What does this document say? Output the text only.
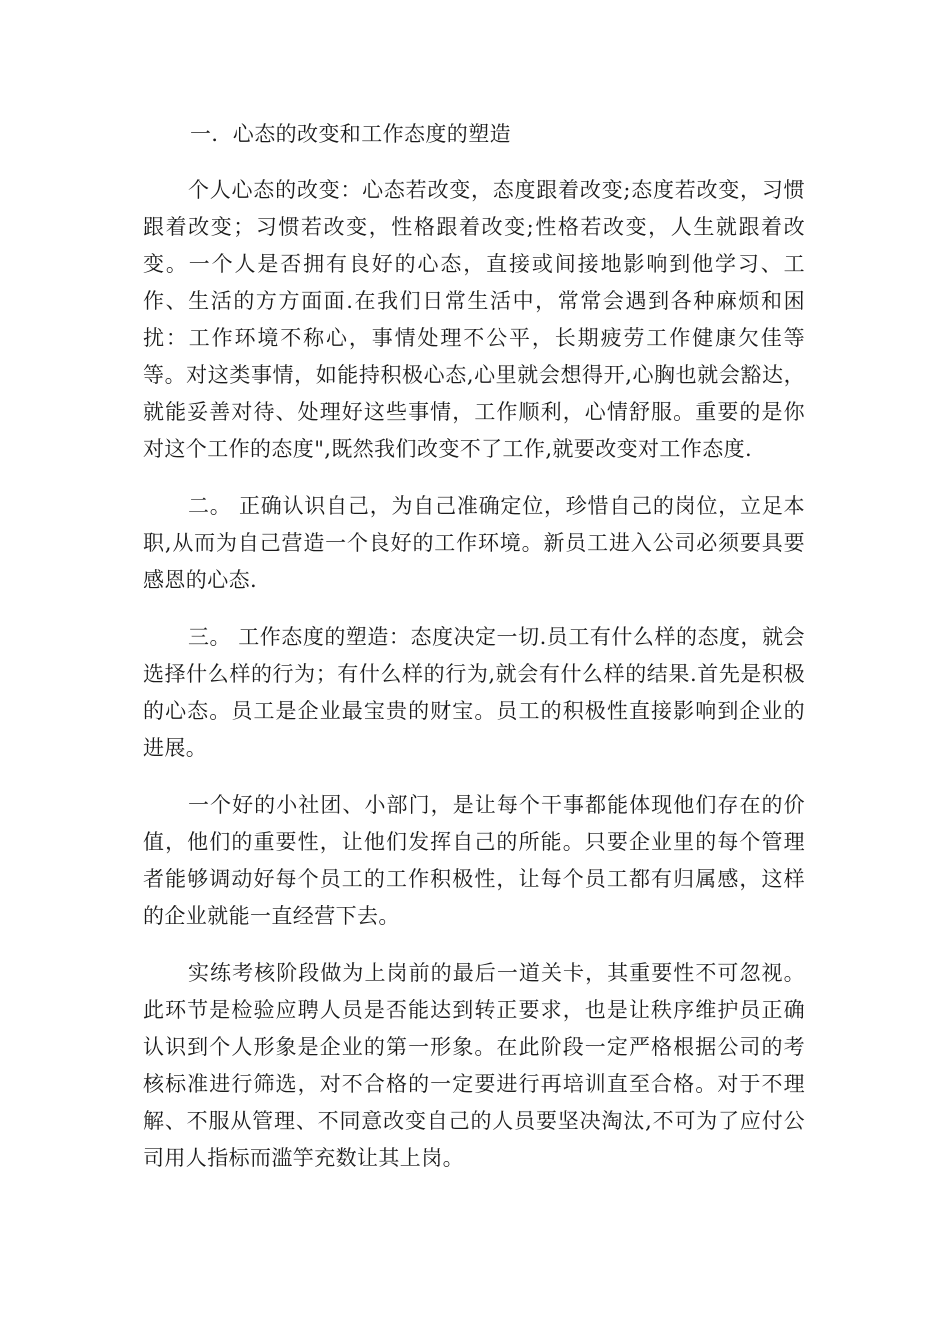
一．心态的改变和工作态度的塑造

个人心态的改变：心态若改变，态度跟着改变;态度若改变，习惯跟着改变；习惯若改变，性格跟着改变;性格若改变，人生就跟着改变。一个人是否拥有良好的心态，直接或间接地影响到他学习、工作、生活的方方面面.在我们日常生活中，常常会遇到各种麻烦和困扰：工作环境不称心，事情处理不公平，长期疲劳工作健康欠佳等等。对这类事情，如能持积极心态,心里就会想得开,心胸也就会豁达，就能妥善对待、处理好这些事情，工作顺利，心情舒服。重要的是你对这个工作的态度",既然我们改变不了工作,就要改变对工作态度.

二。 正确认识自己，为自己准确定位，珍惜自己的岗位，立足本职,从而为自己营造一个良好的工作环境。新员工进入公司必须要具要感恩的心态.

三。 工作态度的塑造：态度决定一切.员工有什么样的态度，就会选择什么样的行为；有什么样的行为,就会有什么样的结果.首先是积极的心态。员工是企业最宝贵的财宝。员工的积极性直接影响到企业的进展。

一个好的小社团、小部门，是让每个干事都能体现他们存在的价值，他们的重要性，让他们发挥自己的所能。只要企业里的每个管理者能够调动好每个员工的工作积极性，让每个员工都有归属感，这样的企业就能一直经营下去。

实练考核阶段做为上岗前的最后一道关卡，其重要性不可忽视。此环节是检验应聘人员是否能达到转正要求，也是让秩序维护员正确认识到个人形象是企业的第一形象。在此阶段一定严格根据公司的考核标准进行筛选，对不合格的一定要进行再培训直至合格。对于不理解、不服从管理、不同意改变自己的人员要坚决淘汰,不可为了应付公司用人指标而滥竽充数让其上岗。
